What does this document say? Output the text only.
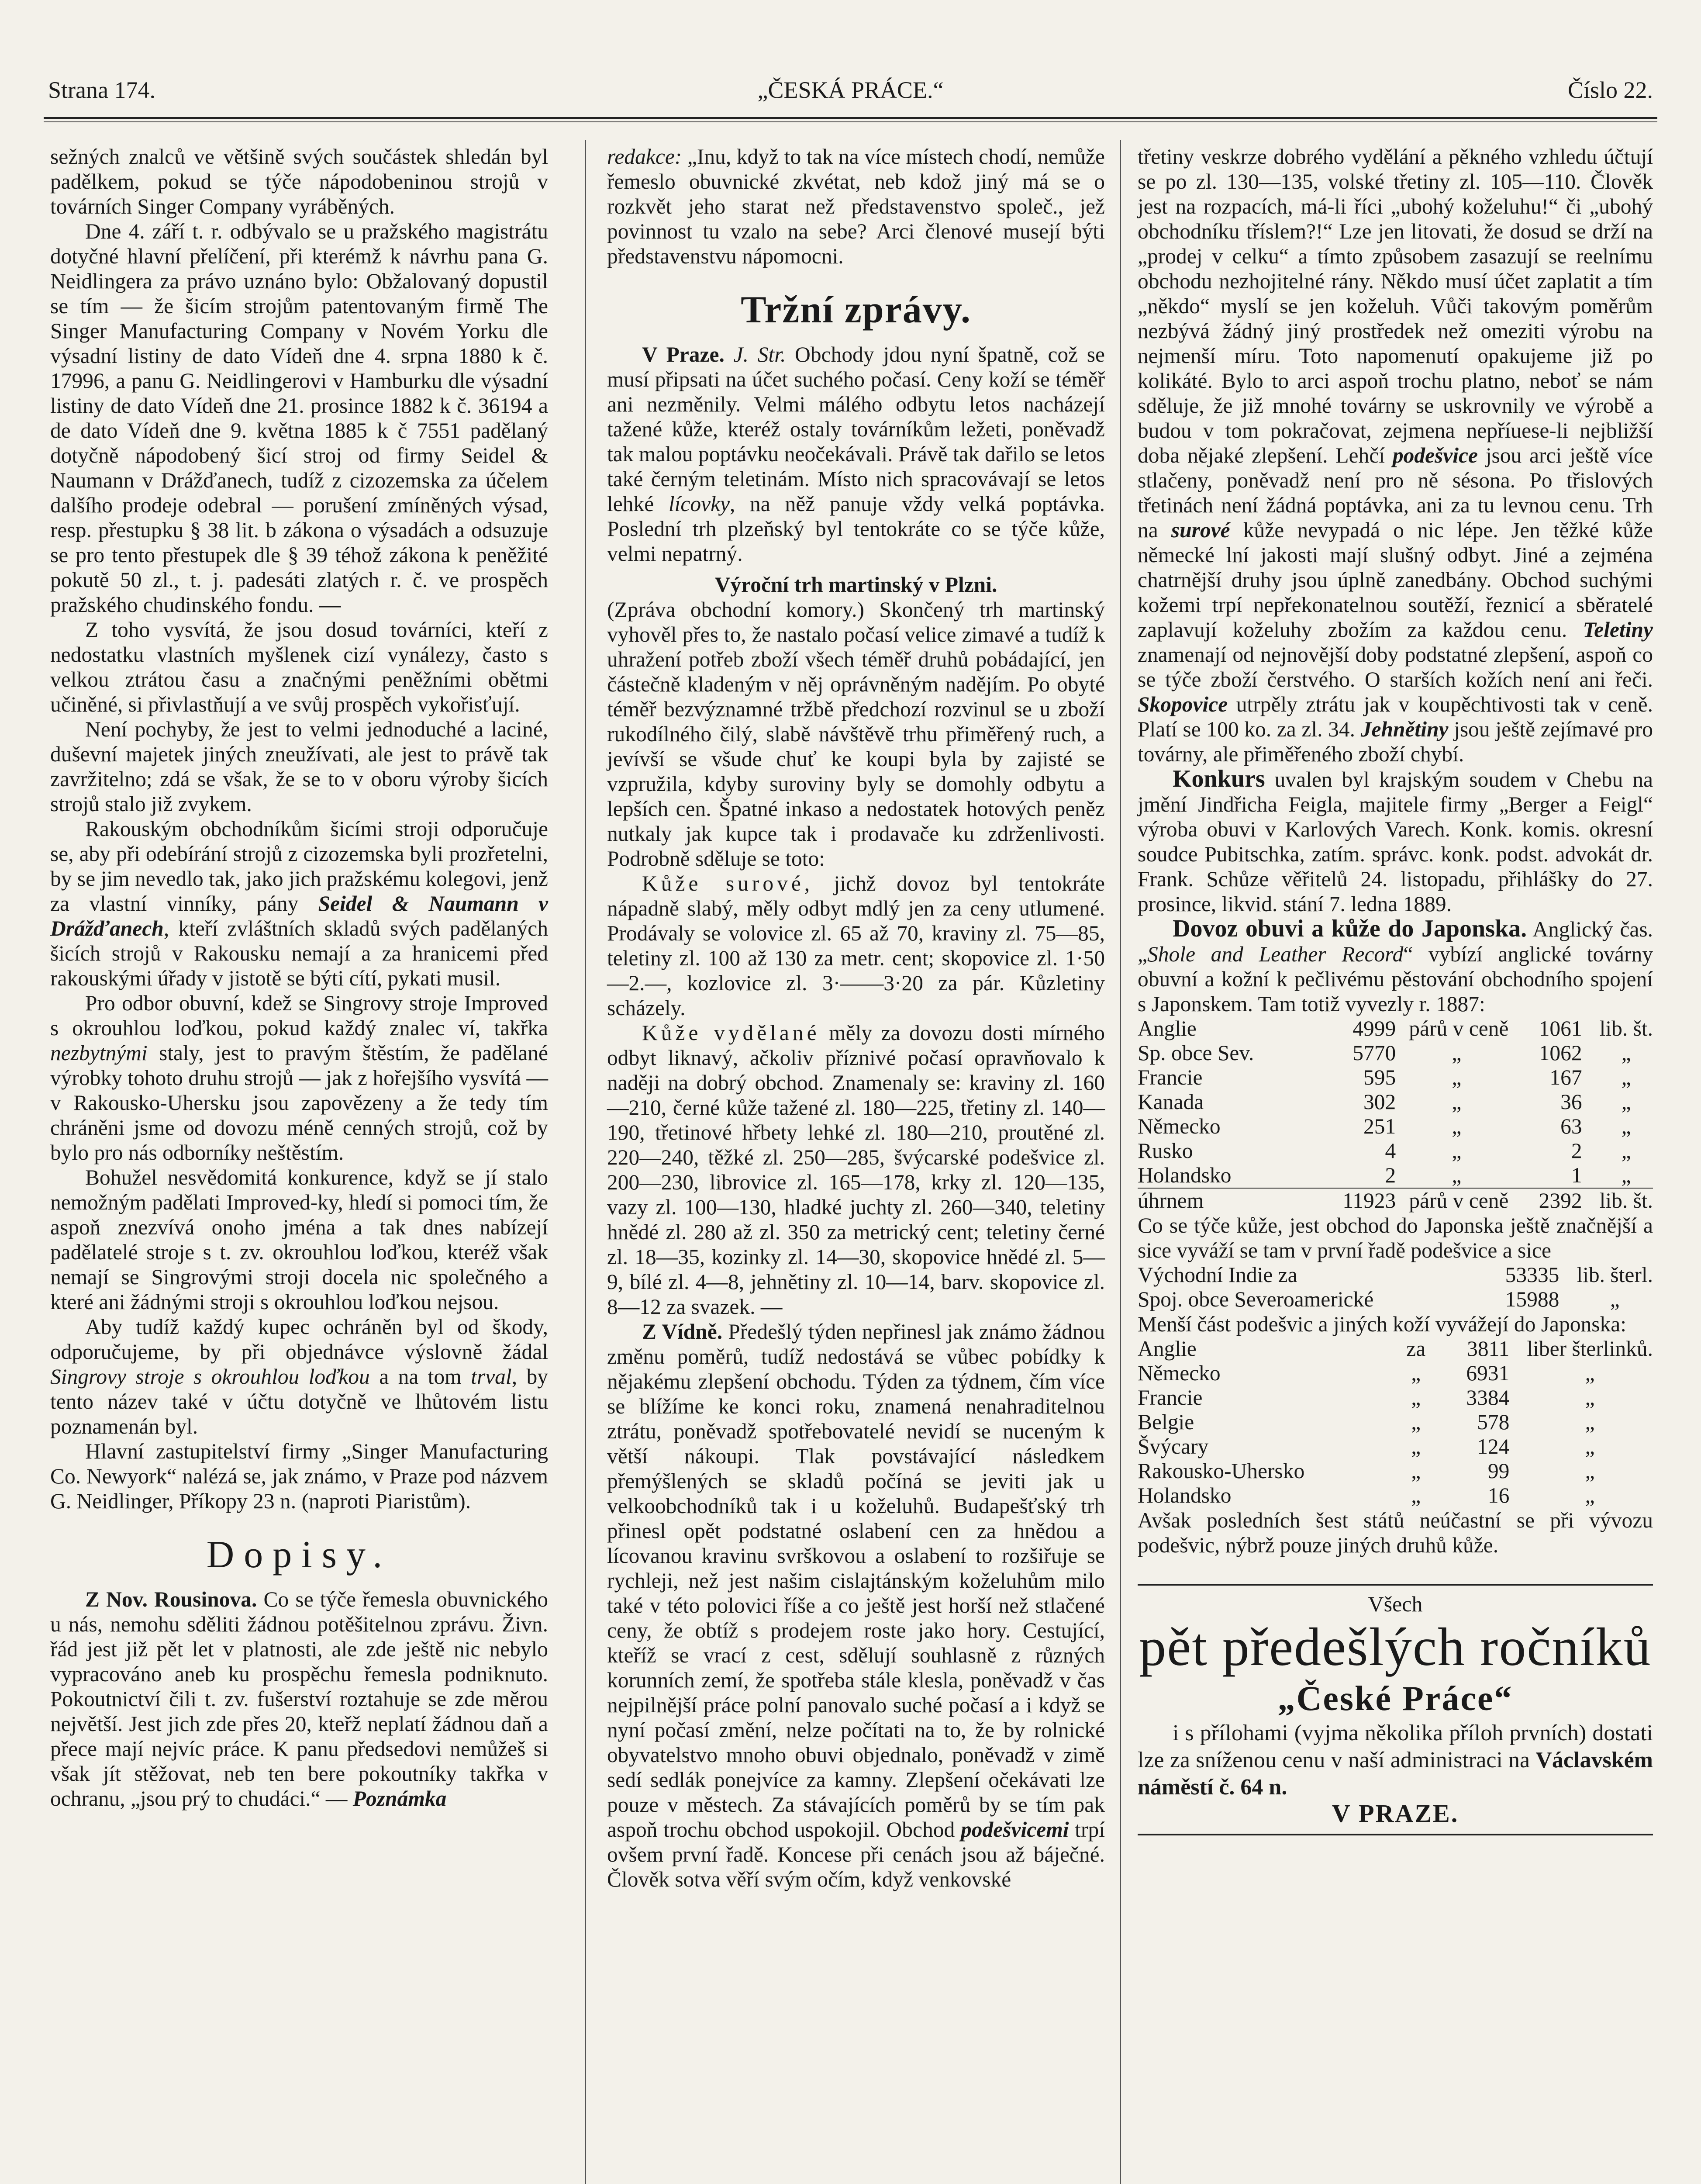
Strana 174.	„ČESKÁ PRÁCE.“	Číslo 22.

sežných znalců ve většině svých součástek shledán byl padělkem, pokud se týče nápodobeninou strojů v továrních Singer Company vyráběných.

Dne 4. září t. r. odbývalo se u pražského magistrátu dotyčné hlavní přelíčení, při kterémž k návrhu pana G. Neidlingera za právo uznáno bylo: Obžalovaný dopustil se tím — že šicím strojům patentovaným firmě The Singer Manufacturing Company v Novém Yorku dle výsadní listiny de dato Vídeň dne 4. srpna 1880 k č. 17996, a panu G. Neidlingerovi v Hamburku dle výsadní listiny de dato Vídeň dne 21. prosince 1882 k č. 36194 a de dato Vídeň dne 9. května 1885 k č 7551 padělaný dotyčně nápodobený šicí stroj od firmy Seidel & Naumann v Drážďanech, tudíž z cizozemska za účelem dalšího prodeje odebral — porušení zmíněných výsad, resp. přestupku § 38 lit. b zákona o výsadách a odsuzuje se pro tento přestupek dle § 39 téhož zákona k peněžité pokutě 50 zl., t. j. padesáti zlatých r. č. ve prospěch pražského chudinského fondu. —

Z toho vysvítá, že jsou dosud továrníci, kteří z nedostatku vlastních myšlenek cizí vynálezy, často s velkou ztrátou času a značnými peněžními obětmi učiněné, si přivlastňují a ve svůj prospěch vykořisťují.

Není pochyby, že jest to velmi jednoduché a laciné, duševní majetek jiných zneužívati, ale jest to právě tak zavržitelno; zdá se však, že se to v oboru výroby šicích strojů stalo již zvykem.

Rakouským obchodníkům šicími stroji odporučuje se, aby při odebírání strojů z cizozemska byli prozřetelni, by se jim nevedlo tak, jako jich pražskému kolegovi, jenž za vlastní vinníky, pány Seidel & Naumann v Drážďanech, kteří zvláštních skladů svých padělaných šicích strojů v Rakousku nemají a za hranicemi před rakouskými úřady v jistotě se býti cítí, pykati musil.

Pro odbor obuvní, kdež se Singrovy stroje Improved s okrouhlou loďkou, pokud každý znalec ví, takřka nezbytnými staly, jest to pravým štěstím, že padělané výrobky tohoto druhu strojů — jak z hořejšího vysvítá — v Rakousko-Uhersku jsou zapovězeny a že tedy tím chráněni jsme od dovozu méně cenných strojů, což by bylo pro nás odborníky neštěstím.

Bohužel nesvědomitá konkurence, když se jí stalo nemožným padělati Improved-ky, hledí si pomoci tím, že aspoň znezvívá onoho jména a tak dnes nabízejí padělatelé stroje s t. zv. okrouhlou loďkou, kteréž však nemají se Singrovými stroji docela nic společného a které ani žádnými stroji s okrouhlou loďkou nejsou.

Aby tudíž každý kupec ochráněn byl od škody, odporučujeme, by při objednávce výslovně žádal Singrovy stroje s okrouhlou loďkou a na tom trval, by tento název také v účtu dotyčně ve lhůtovém listu poznamenán byl.

Hlavní zastupitelství firmy „Singer Manufacturing Co. Newyork“ nalézá se, jak známo, v Praze pod názvem G. Neidlinger, Příkopy 23 n. (naproti Piaristům).

Dopisy.

Z Nov. Rousinova. Co se týče řemesla obuvnického u nás, nemohu sděliti žádnou potěšitelnou zprávu. Živn. řád jest již pět let v platnosti, ale zde ještě nic nebylo vypracováno aneb ku prospěchu řemesla podniknuto. Pokoutnictví čili t. zv. fušerství roztahuje se zde měrou největší. Jest jich zde přes 20, kteřž neplatí žádnou daň a přece mají nejvíc práce. K panu předsedovi nemůžeš si však jít stěžovat, neb ten bere pokoutníky takřka v ochranu, „jsou prý to chudáci.“ — Poznámka

redakce: „Inu, když to tak na více místech chodí, nemůže řemeslo obuvnické zkvétat, neb kdož jiný má se o rozkvět jeho starat než představenstvo společ., jež povinnost tu vzalo na sebe? Arci členové musejí býti představenstvu nápomocni.

Tržní zprávy.

V Praze. J. Str. Obchody jdou nyní špatně, což se musí připsati na účet suchého počasí. Ceny koží se téměř ani nezměnily. Velmi málého odbytu letos nacházejí tažené kůže, kteréž ostaly továrníkům ležeti, poněvadž tak malou poptávku neočekávali. Právě tak dařilo se letos také černým teletinám. Místo nich spracovávají se letos lehké lícovky, na něž panuje vždy velká poptávka. Poslední trh plzeňský byl tentokráte co se týče kůže, velmi nepatrný.

Výroční trh martinský v Plzni.

(Zpráva obchodní komory.) Skončený trh martinský vyhověl přes to, že nastalo počasí velice zimavé a tudíž k uhražení potřeb zboží všech téměř druhů pobádající, jen částečně kladeným v něj oprávněným nadějím. Po obyté téměř bezvýznamné tržbě předchozí rozvinul se u zboží rukodílného čilý, slabě návštěvě trhu přiměřený ruch, a jevívší se všude chuť ke koupi byla by zajisté se vzpružila, kdyby suroviny byly se domohly odbytu a lepších cen. Špatné inkaso a nedostatek hotových peněz nutkaly jak kupce tak i prodavače ku zdrženlivosti. Podrobně sděluje se toto:

Kůže surové, jichž dovoz byl tentokráte nápadně slabý, měly odbyt mdlý jen za ceny utlumené. Prodávaly se volovice zl. 65 až 70, kraviny zl. 75—85, teletiny zl. 100 až 130 za metr. cent; skopovice zl. 1·50—2.—, kozlovice zl. 3·——3·20 za pár. Kůzletiny scházely.

Kůže vydělané měly za dovozu dosti mírného odbyt liknavý, ačkoliv příznivé počasí opravňovalo k naději na dobrý obchod. Znamenaly se: kraviny zl. 160—210, černé kůže tažené zl. 180—225, třetiny zl. 140—190, třetinové hřbety lehké zl. 180—210, proutěné zl. 220—240, těžké zl. 250—285, švýcarské podešvice zl. 200—230, librovice zl. 165—178, krky zl. 120—135, vazy zl. 100—130, hladké juchty zl. 260—340, teletiny hnědé zl. 280 až zl. 350 za metrický cent; teletiny černé zl. 18—35, kozinky zl. 14—30, skopovice hnědé zl. 5—9, bílé zl. 4—8, jehnětiny zl. 10—14, barv. skopovice zl. 8—12 za svazek. —

Z Vídně. Předešlý týden nepřinesl jak známo žádnou změnu poměrů, tudíž nedostává se vůbec pobídky k nějakému zlepšení obchodu. Týden za týdnem, čím více se blížíme ke konci roku, znamená nenahraditelnou ztrátu, poněvadž spotřebovatelé nevidí se nuceným k větší nákoupi. Tlak povstávající následkem přemýšlených se skladů počíná se jeviti jak u velkoobchodníků tak i u koželuhů. Budapešťský trh přinesl opět podstatné oslabení cen za hnědou a lícovanou kravinu svrškovou a oslabení to rozšiřuje se rychleji, než jest našim cislajtánským koželuhům milo také v této polovici říše a co ještě jest horší než stlačené ceny, že obtíž s prodejem roste jako hory. Cestující, kteříž se vrací z cest, sdělují souhlasně z různých korunních zemí, že spotřeba stále klesla, poněvadž v čas nejpilnější práce polní panovalo suché počasí a i když se nyní počasí změní, nelze počítati na to, že by rolnické obyvatelstvo mnoho obuvi objednalo, poněvadž v zimě sedí sedlák ponejvíce za kamny. Zlepšení očekávati lze pouze v městech. Za stávajících poměrů by se tím pak aspoň trochu obchod uspokojil. Obchod podešvicemi trpí ovšem první řadě. Koncese při cenách jsou až báječné. Člověk sotva věří svým očím, když venkovské

třetiny veskrze dobrého vydělání a pěkného vzhledu účtují se po zl. 130—135, volské třetiny zl. 105—110. Člověk jest na rozpacích, má-li říci „ubohý koželuhu!“ či „ubohý obchodníku tříslem?!“ Lze jen litovati, že dosud se drží na „prodej v celku“ a tímto způsobem zasazují se reelnímu obchodu nezhojitelné rány. Někdo musí účet zaplatit a tím „někdo“ myslí se jen koželuh. Vůči takovým poměrům nezbývá žádný jiný prostředek než omeziti výrobu na nejmenší míru. Toto napomenutí opakujeme již po kolikáté. Bylo to arci aspoň trochu platno, neboť se nám sděluje, že již mnohé továrny se uskrovnily ve výrobě a budou v tom pokračovat, zejmena nepříuese-li nejbližší doba nějaké zlepšení. Lehčí podešvice jsou arci ještě více stlačeny, poněvadž není pro ně sésona. Po třislových třetinách není žádná poptávka, ani za tu levnou cenu. Trh na surové kůže nevypadá o nic lépe. Jen těžké kůže německé lní jakosti mají slušný odbyt. Jiné a zejména chatrnější druhy jsou úplně zanedbány. Obchod suchými kožemi trpí nepřekonatelnou soutěží, řeznicí a sběratelé zaplavují koželuhy zbožím za každou cenu. Teletiny znamenají od nejnovější doby podstatné zlepšení, aspoň co se týče zboží čerstvého. O starších kožích není ani řeči. Skopovice utrpěly ztrátu jak v koupěchtivosti tak v ceně. Platí se 100 ko. za zl. 34. Jehnětiny jsou ještě zejímavé pro továrny, ale přiměřeného zboží chybí.

Konkurs uvalen byl krajským soudem v Chebu na jmění Jindřicha Feigla, majitele firmy „Berger a Feigl“ výroba obuvi v Karlových Varech. Konk. komis. okresní soudce Pubitschka, zatím. správc. konk. podst. advokát dr. Frank. Schůze věřitelů 24. listopadu, přihlášky do 27. prosince, likvid. stání 7. ledna 1889.

Dovoz obuvi a kůže do Japonska. Anglický čas. „Shole and Leather Record“ vybízí anglické továrny obuvní a kožní k pečlivému pěstování obchodního spojení s Japonskem. Tam totiž vyvezly r. 1887:

Anglie	4999	párů v ceně	1061	lib. št.
Sp. obce Sev.	5770	„	1062	„
Francie	595	„	167	„
Kanada	302	„	36	„
Německo	251	„	63	„
Rusko	4	„	2	„
Holandsko	2	„	1	„
úhrnem	11923	párů v ceně	2392	lib. št.

Co se týče kůže, jest obchod do Japonska ještě značnější a sice vyváží se tam v první řadě podešvice a sice

Východní Indie za	53335	lib. šterl.
Spoj. obce Severoamerické	15988	„

Menší část podešvic a jiných koží vyvážejí do Japonska:

Anglie	za	3811	liber šterlinků.
Německo	„	6931	„
Francie	„	3384	„
Belgie	„	578	„
Švýcary	„	124	„
Rakousko-Uhersko	„	99	„
Holandsko	„	16	„

Avšak posledních šest států neúčastní se při vývozu podešvic, nýbrž pouze jiných druhů kůže.

Všech
pět předešlých ročníků
„České Práce“

i s přílohami (vyjma několika příloh prvních) dostati lze za sníženou cenu v naší administraci na Václavském náměstí č. 64 n.

V PRAZE.
